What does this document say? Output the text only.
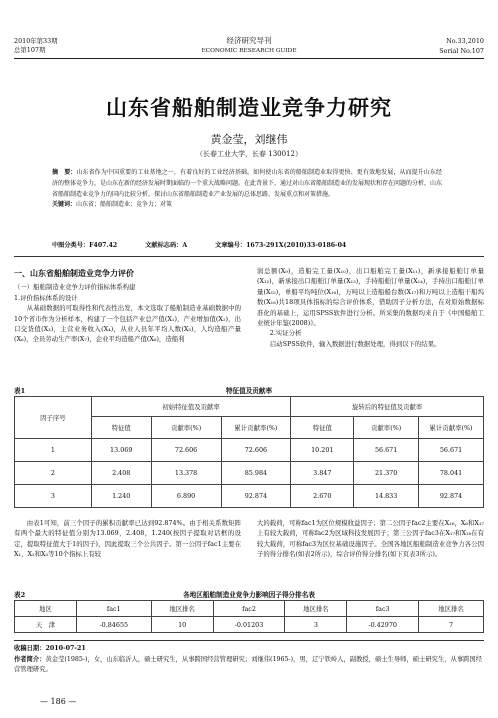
2010年第33期
总第107期
经济研究导刊
ECONOMIC RESEARCH GUIDE
No.33,2010
Serial No.107
山东省船舶制造业竞争力研究
黄金莹，刘继伟
（长春工业大学，长春 130012）
摘　要：山东省作为中国重要的工业基地之一，有着良好的工业经济基础。如何使山东省的船舶制造业取得更快、更有效地发展，从而提升山东经济的整体竞争力，是山东在新的经济发展时期面临的一个重大战略问题。在此背景下，通过对山东省船舶制造业的发展现状和存在问题的分析，山东省船舶制造业竞争力的国内比较分析，探讨山东省船舶制造业产业发展的总体思路、发展重点和对策措施。
关键词：山东省；船舶制造业；竞争力；对策
中图分类号：F407.42	文献标志码：A	文章编号：1673-291X(2010)33-0186-04
一、山东省船舶制造业竞争力评价

（一）船舶制造业竞争力评价指标体系构建

1.评价指标体系的设计

从基础数据的可取得性和代表性出发，本文选取了船舶制造业基础数据中的10个省市作为分析样本，构建了一个包括产业总产值(X₁)，产业增加值(X₂)，出口交货值(X₃)，主营业务收入(X₄)，从业人员年平均人数(X₅)，人均造船产量(X₆)，全员劳动生产率(X₇)，企业平均造船产值(X₈)，造船利

润总额(X₉)，造船完工量(X₁₀)，出口船舶完工量(X₁₁)，新承接船舶订单量(X₁₂)，新承接出口船舶订单量(X₁₃)，手持船舶订单量(X₁₄)，手持出口船舶订单量(X₁₅)，单船平均吨位(X₁₆)，万吨以上造船船台数(X₁₇)和万吨以上造船干船坞数(X₁₈)共18项具体指标的综合评价体系，借助因子分析方法，在对原始数据标准化的基础上，运用SPSS软件进行分析。所采集的数据均来自于《中国船舶工业统计年鉴(2008)》。

2.实证分析

启动SPSS软件，输入数据进行数据处理，得到以下的结果。

表1	特征值及贡献率
因子序号	初始特征值及贡献率			旋转后的特征值及贡献率		
	特征值	贡献率(%)	累计贡献率(%)	特征值	贡献率(%)	累计贡献率(%)
1	13.069	72.606	72.606	10.201	56.671	56.671
2	2.408	13.378	85.984	3.847	21.370	78.041
3	1.240	6.890	92.874	2.670	14.833	92.874
由表1可知，前三个因子的累积贡献率已达到92.874%。由于相关系数矩阵有两个最大的特征值分别为13.069，2.408，1.240(按因子提取对话框的设定，提取特征值大于1的因子)，因此提取三个公共因子。第一公因子fac1主要在X₁，X₂和X₃等10个指标上有较
大的载荷，可称fac1为区位规模收益因子；第二公因子fac2主要在X₁₆，X₆和X₁₇上有较大载荷，可称fac2为区域科技发展因子；第三公因子fac3在X₁₇和X₁₈在有较大载荷，可称fac3为区位基础设施因子。全国各地区船舶制造业竞争力各公因子的得分排名(如表2所示)，综合评价得分排名(如下页表3所示)。
表2	各地区船舶制造业竞争力影响因子得分排名表
地区	fac1	地区排名	fac2	地区排名	fac3	地区排名
天　津	-0.84655	10	-0.01203	3	-0.42970	7
收稿日期：2010-07-21
作者简介：黄金莹(1985-)，女，山东临沂人，硕士研究生，从事跨国经营管理研究；刘继伟(1965-)，男，辽宁铁岭人，副教授，硕士生导师，硕士研究生，从事跨国经营管理研究。
— 186 —
